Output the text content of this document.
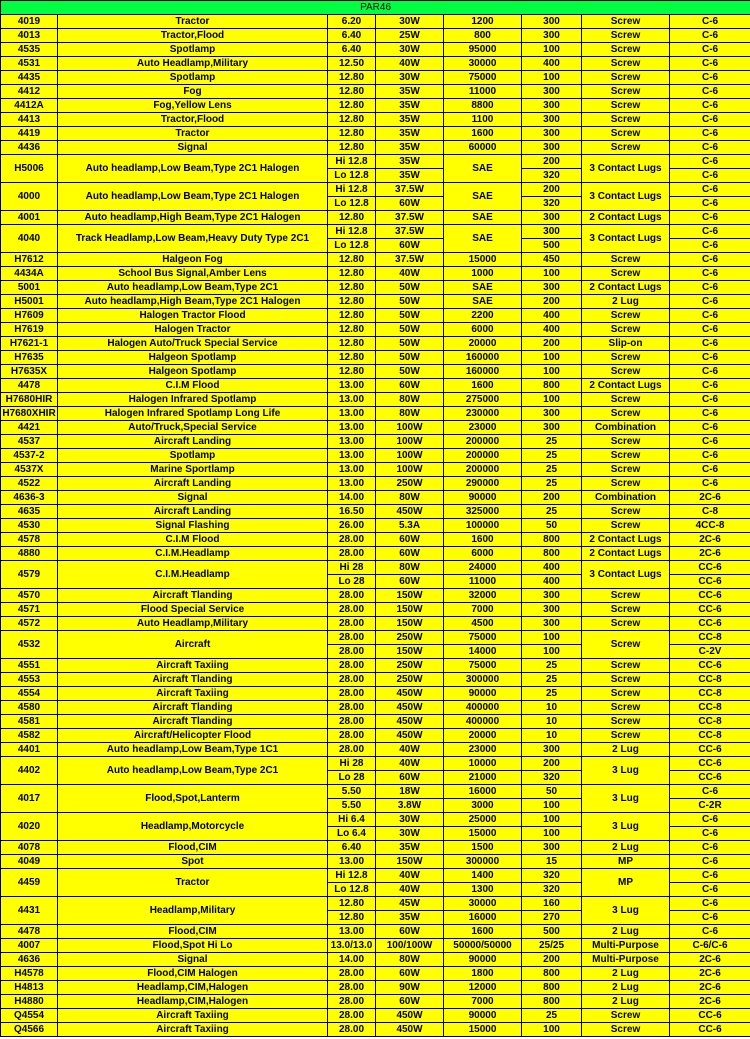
PAR46							
4019	Tractor	6.20	30W	1200	300	Screw	C-6
4013	Tractor,Flood	6.40	25W	800	300	Screw	C-6
4535	Spotlamp	6.40	30W	95000	100	Screw	C-6
4531	Auto Headlamp,Military	12.50	40W	30000	400	Screw	C-6
4435	Spotlamp	12.80	30W	75000	100	Screw	C-6
4412	Fog	12.80	35W	11000	300	Screw	C-6
4412A	Fog,Yellow Lens	12.80	35W	8800	300	Screw	C-6
4413	Tractor,Flood	12.80	35W	1100	300	Screw	C-6
4419	Tractor	12.80	35W	1600	300	Screw	C-6
4436	Signal	12.80	35W	60000	300	Screw	C-6
H5006	Auto headlamp,Low Beam,Type 2C1 Halogen	Hi 12.8	35W	SAE	200	3 Contact Lugs	C-6
		Lo 12.8	35W		320		C-6
4000	Auto headlamp,Low Beam,Type 2C1 Halogen	Hi 12.8	37.5W	SAE	200	3 Contact Lugs	C-6
		Lo 12.8	60W		320		C-6
4001	Auto headlamp,High Beam,Type 2C1 Halogen	12.80	37.5W	SAE	300	2 Contact Lugs	C-6
4040	Track Headlamp,Low Beam,Heavy Duty Type 2C1	Hi 12.8	37.5W	SAE	300	3 Contact Lugs	C-6
		Lo 12.8	60W		500		C-6
H7612	Halgeon Fog	12.80	37.5W	15000	450	Screw	C-6
4434A	School Bus Signal,Amber Lens	12.80	40W	1000	100	Screw	C-6
5001	Auto headlamp,Low Beam,Type 2C1	12.80	50W	SAE	300	2 Contact Lugs	C-6
H5001	Auto headlamp,High Beam,Type 2C1 Halogen	12.80	50W	SAE	200	2 Lug	C-6
H7609	Halogen Tractor Flood	12.80	50W	2200	400	Screw	C-6
H7619	Halogen Tractor	12.80	50W	6000	400	Screw	C-6
H7621-1	Halogen Auto/Truck Special Service	12.80	50W	20000	200	Slip-on	C-6
H7635	Halgeon Spotlamp	12.80	50W	160000	100	Screw	C-6
H7635X	Halgeon Spotlamp	12.80	50W	160000	100	Screw	C-6
4478	C.I.M Flood	13.00	60W	1600	800	2 Contact Lugs	C-6
H7680HIR	Halogen Infrared Spotlamp	13.00	80W	275000	100	Screw	C-6
H7680XHIR	Halogen Infrared Spotlamp Long Life	13.00	80W	230000	300	Screw	C-6
4421	Auto/Truck,Special Service	13.00	100W	23000	300	Combination	C-6
4537	Aircraft Landing	13.00	100W	200000	25	Screw	C-6
4537-2	Spotlamp	13.00	100W	200000	25	Screw	C-6
4537X	Marine Sportlamp	13.00	100W	200000	25	Screw	C-6
4522	Aircraft Landing	13.00	250W	290000	25	Screw	C-6
4636-3	Signal	14.00	80W	90000	200	Combination	2C-6
4635	Aircraft Landing	16.50	450W	325000	25	Screw	C-8
4530	Signal Flashing	26.00	5.3A	100000	50	Screw	4CC-8
4578	C.I.M Flood	28.00	60W	1600	800	2 Contact Lugs	2C-6
4880	C.I.M.Headlamp	28.00	60W	6000	800	2 Contact Lugs	2C-6
4579	C.I.M.Headlamp	Hi 28	80W	24000	400	3 Contact Lugs	CC-6
		Lo 28	60W	11000	400		CC-6
4570	Aircraft Tlanding	28.00	150W	32000	300	Screw	CC-6
4571	Flood Special Service	28.00	150W	7000	300	Screw	CC-6
4572	Auto Headlamp,Military	28.00	150W	4500	300	Screw	CC-6
4532	Aircraft	28.00	250W	75000	100	Screw	CC-8
		28.00	150W	14000	100		C-2V
4551	Aircraft Taxiing	28.00	250W	75000	25	Screw	CC-6
4553	Aircraft Tlanding	28.00	250W	300000	25	Screw	CC-8
4554	Aircraft Taxiing	28.00	450W	90000	25	Screw	CC-8
4580	Aircraft Tlanding	28.00	450W	400000	10	Screw	CC-8
4581	Aircraft Tlanding	28.00	450W	400000	10	Screw	CC-8
4582	Aircraft/Helicopter Flood	28.00	450W	20000	10	Screw	CC-8
4401	Auto headlamp,Low Beam,Type 1C1	28.00	40W	23000	300	2 Lug	CC-6
4402	Auto headlamp,Low Beam,Type 2C1	Hi 28	40W	10000	200	3 Lug	CC-6
		Lo 28	60W	21000	320		CC-6
4017	Flood,Spot,Lanterm	5.50	18W	16000	50	3 Lug	C-6
		5.50	3.8W	3000	100		C-2R
4020	Headlamp,Motorcycle	Hi 6.4	30W	25000	100	3 Lug	C-6
		Lo 6.4	30W	15000	100		C-6
4078	Flood,CIM	6.40	35W	1500	300	2 Lug	C-6
4049	Spot	13.00	150W	300000	15	MP	C-6
4459	Tractor	Hi 12.8	40W	1400	320	MP	C-6
		Lo 12.8	40W	1300	320		C-6
4431	Headlamp,Military	12.80	45W	30000	160	3 Lug	C-6
		12.80	35W	16000	270		C-6
4478	Flood,CIM	13.00	60W	1600	500	2 Lug	C-6
4007	Flood,Spot Hi Lo	13.0/13.0	100/100W	50000/50000	25/25	Multi-Purpose	C-6/C-6
4636	Signal	14.00	80W	90000	200	Multi-Purpose	2C-6
H4578	Flood,CIM Halogen	28.00	60W	1800	800	2 Lug	2C-6
H4813	Headlamp,CIM,Halogen	28.00	90W	12000	800	2 Lug	2C-6
H4880	Headlamp,CIM,Halogen	28.00	60W	7000	800	2 Lug	2C-6
Q4554	Aircraft Taxiing	28.00	450W	90000	25	Screw	CC-6
Q4566	Aircraft Taxiing	28.00	450W	15000	100	Screw	CC-6
